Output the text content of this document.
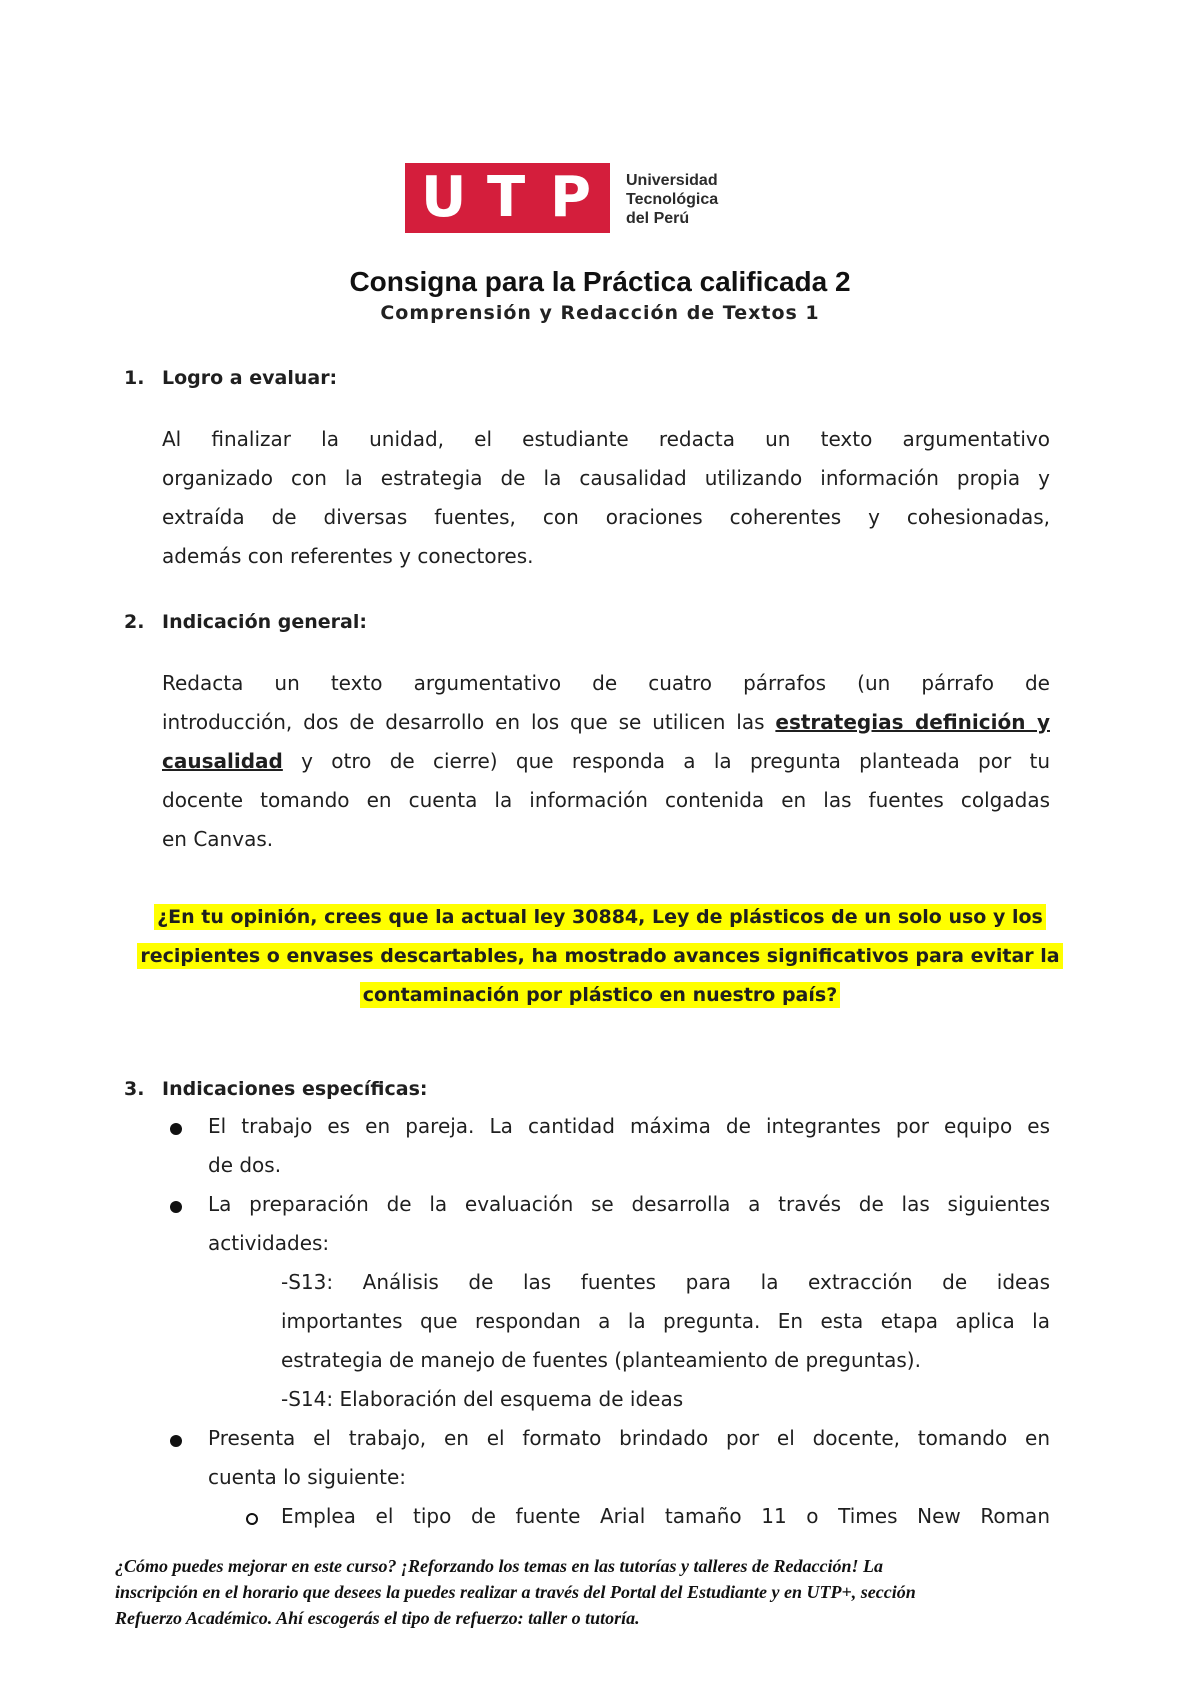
U T P Universidad
Tecnológica
del Perú
Consigna para la Práctica calificada 2
Comprensión y Redacción de Textos 1
1. Logro a evaluar:
Al finalizar la unidad, el estudiante redacta un texto argumentativo
organizado con la estrategia de la causalidad utilizando información propia y
extraída de diversas fuentes, con oraciones coherentes y cohesionadas,
además con referentes y conectores.
2. Indicación general:
Redacta un texto argumentativo de cuatro párrafos (un párrafo de
introducción, dos de desarrollo en los que se utilicen las estrategias definición y
causalidad y otro de cierre) que responda a la pregunta planteada por tu
docente tomando en cuenta la información contenida en las fuentes colgadas
en Canvas.
¿En tu opinión, crees que la actual ley 30884, Ley de plásticos de un solo uso y los
recipientes o envases descartables, ha mostrado avances significativos para evitar la
contaminación por plástico en nuestro país?
3. Indicaciones específicas:
El trabajo es en pareja. La cantidad máxima de integrantes por equipo es
de dos.
La preparación de la evaluación se desarrolla a través de las siguientes
actividades:
-S13: Análisis de las fuentes para la extracción de ideas
importantes que respondan a la pregunta. En esta etapa aplica la
estrategia de manejo de fuentes (planteamiento de preguntas).
-S14: Elaboración del esquema de ideas
Presenta el trabajo, en el formato brindado por el docente, tomando en
cuenta lo siguiente:
Emplea el tipo de fuente Arial tamaño 11 o Times New Roman
¿Cómo puedes mejorar en este curso? ¡Reforzando los temas en las tutorías y talleres de Redacción! La
inscripción en el horario que desees la puedes realizar a través del Portal del Estudiante y en UTP+, sección
Refuerzo Académico. Ahí escogerás el tipo de refuerzo: taller o tutoría.
